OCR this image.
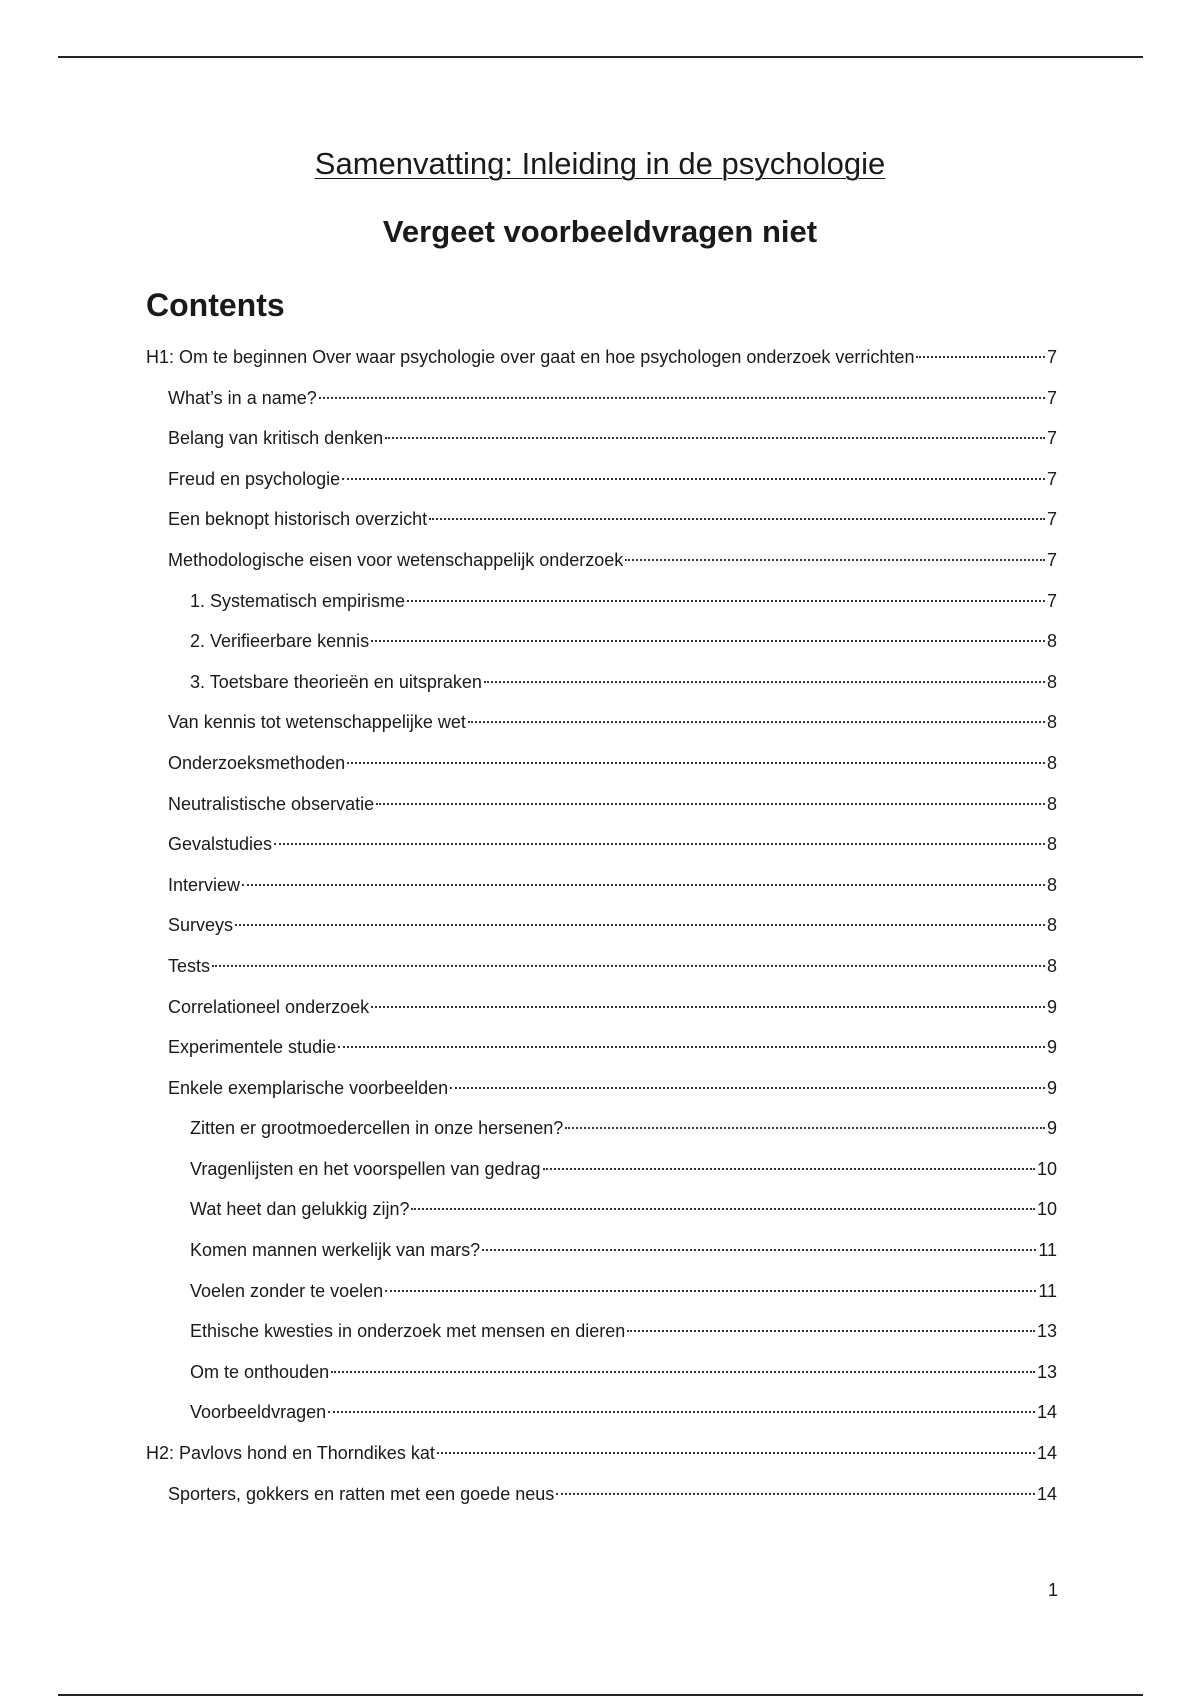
Samenvatting: Inleiding in de psychologie
Vergeet voorbeeldvragen niet
Contents
H1: Om te beginnen Over waar psychologie over gaat en hoe psychologen onderzoek verrichten	7
What’s in a name?	7
Belang van kritisch denken	7
Freud en psychologie	7
Een beknopt historisch overzicht	7
Methodologische eisen voor wetenschappelijk onderzoek	7
1. Systematisch empirisme	7
2. Verifieerbare kennis	8
3. Toetsbare theorieën en uitspraken	8
Van kennis tot wetenschappelijke wet	8
Onderzoeksmethoden	8
Neutralistische observatie	8
Gevalstudies	8
Interview	8
Surveys	8
Tests	8
Correlationeel onderzoek	9
Experimentele studie	9
Enkele exemplarische voorbeelden	9
Zitten er grootmoedercellen in onze hersenen?	9
Vragenlijsten en het voorspellen van gedrag	10
Wat heet dan gelukkig zijn?	10
Komen mannen werkelijk van mars?	11
Voelen zonder te voelen	11
Ethische kwesties in onderzoek met mensen en dieren	13
Om te onthouden	13
Voorbeeldvragen	14
H2: Pavlovs hond en Thorndikes kat	14
Sporters, gokkers en ratten met een goede neus	14
1
